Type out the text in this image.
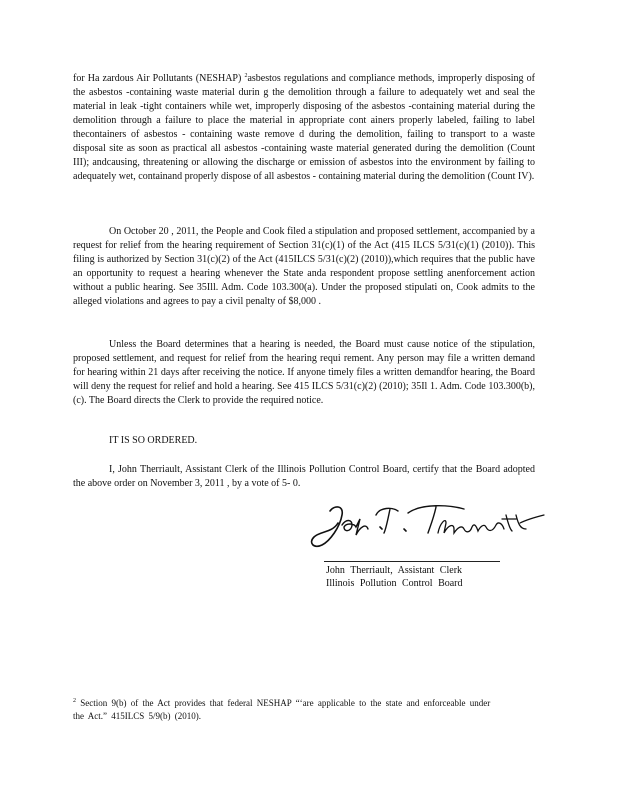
for Ha zardous Air Pollutants (NESHAP) $^2$asbestos regulations and compliance methods, improperly disposing of the asbestos -containing waste material durin g the demolition through a failure to adequately wet and seal the material in leak -tight containers while wet, improperly disposing of the asbestos -containing material during the demolition through a failure to place the material in appropriate cont ainers properly labeled, failing to label thecontainers of asbestos - containing waste remove d during the demolition, failing to transport to a waste disposal site as soon as practical all asbestos -containing waste material generated during the demolition (Count III); andcausing, threatening or allowing the discharge or emission of asbestos into the environment by failing to adequately wet, containand properly dispose of all asbestos - containing material during the demolition (Count IV).

On October 20 , 2011, the People and Cook filed a stipulation and proposed settlement, accompanied by a request for relief from the hearing requirement of Section 31(c)(1) of the Act (415 ILCS 5/31(c)(1) (2010)). This filing is authorized by Section 31(c)(2) of the Act (415ILCS 5/31(c)(2) (2010)),which requires that the public have an opportunity to request a hearing whenever the State anda respondent propose settling anenforcement action without a public hearing. See 35Ill. Adm. Code 103.300(a). Under the proposed stipulati on, Cook admits to the alleged violations and agrees to pay a civil penalty of $8,000 .

Unless the Board determines that a hearing is needed, the Board must cause notice of the stipulation, proposed settlement, and request for relief from the hearing requi rement. Any person may file a written demand for hearing within 21 days after receiving the notice. If anyone timely files a written demandfor hearing, the Board will deny the request for relief and hold a hearing. See 415 ILCS 5/31(c)(2) (2010); 35Il 1. Adm. Code 103.300(b), (c). The Board directs the Clerk to provide the required notice.

IT IS SO ORDERED.

I, John Therriault, Assistant Clerk of the Illinois Pollution Control Board, certify that the Board adopted the above order on November 3, 2011 , by a vote of 5- 0.

John Therriault, Assistant Clerk

Illinois Pollution Control Board

$^2$ Section 9(b) of the Act provides that federal NESHAP “‘are applicable to the state and enforceable under the Act.” 415ILCS 5/9(b) (2010).
